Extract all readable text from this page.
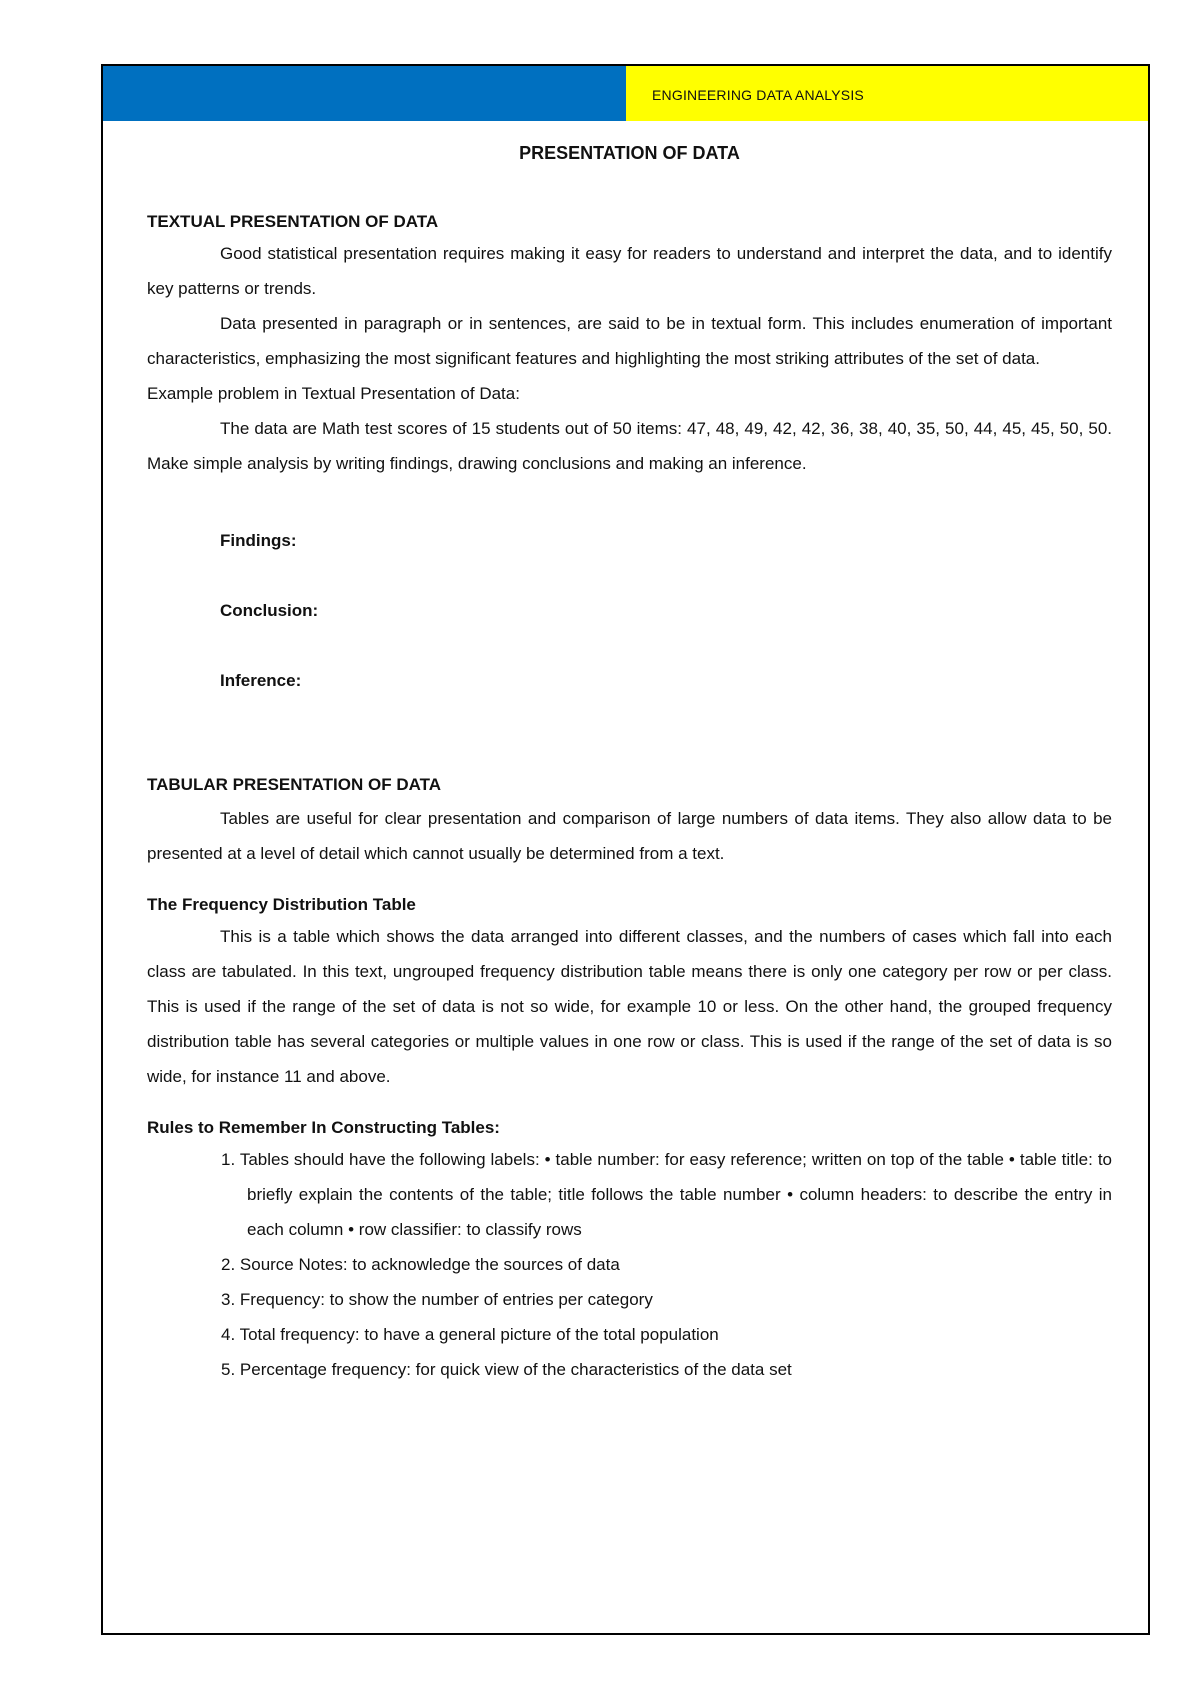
ENGINEERING DATA ANALYSIS
PRESENTATION OF DATA

TEXTUAL PRESENTATION OF DATA

Good statistical presentation requires making it easy for readers to understand and interpret the data, and to identify key patterns or trends.

Data presented in paragraph or in sentences, are said to be in textual form. This includes enumeration of important characteristics, emphasizing the most significant features and highlighting the most striking attributes of the set of data.

Example problem in Textual Presentation of Data:

The data are Math test scores of 15 students out of 50 items: 47, 48, 49, 42, 42, 36, 38, 40, 35, 50, 44, 45, 45, 50, 50. Make simple analysis by writing findings, drawing conclusions and making an inference.

Findings:

Conclusion:

Inference:

TABULAR PRESENTATION OF DATA

Tables are useful for clear presentation and comparison of large numbers of data items. They also allow data to be presented at a level of detail which cannot usually be determined from a text.

The Frequency Distribution Table

This is a table which shows the data arranged into different classes, and the numbers of cases which fall into each class are tabulated. In this text, ungrouped frequency distribution table means there is only one category per row or per class. This is used if the range of the set of data is not so wide, for example 10 or less. On the other hand, the grouped frequency distribution table has several categories or multiple values in one row or class. This is used if the range of the set of data is so wide, for instance 11 and above.

Rules to Remember In Constructing Tables:

1. Tables should have the following labels: • table number: for easy reference; written on top of the table • table title: to briefly explain the contents of the table; title follows the table number • column headers: to describe the entry in each column • row classifier: to classify rows
2. Source Notes: to acknowledge the sources of data
3. Frequency: to show the number of entries per category
4. Total frequency: to have a general picture of the total population
5. Percentage frequency: for quick view of the characteristics of the data set
